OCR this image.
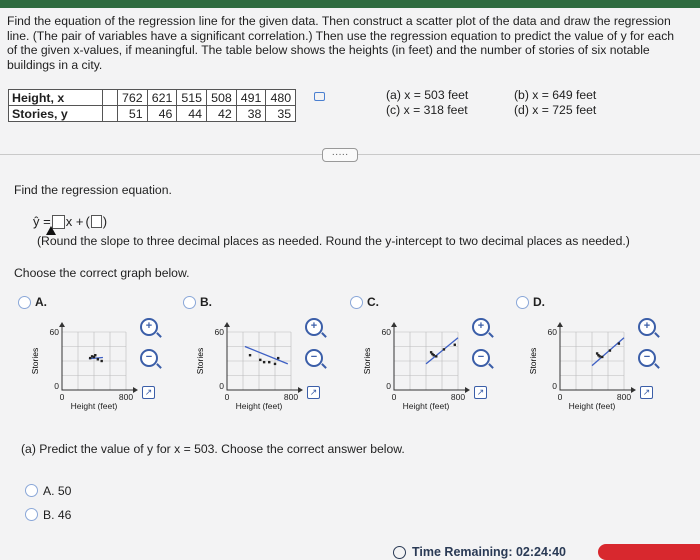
Find the equation of the regression line for the given data. Then construct a scatter plot of the data and draw the regression line. (The pair of variables have a significant correlation.) Then use the regression equation to predict the value of y for each of the given x-values, if meaningful. The table below shows the heights (in feet) and the number of stories of six notable buildings in a city.
Height, x		762	621	515	508	491	480
Stories, y		51	46	44	42	38	35
(a) x = 503 feet	(b) x = 649 feet
(c) x = 318 feet	(d) x = 725 feet
·····
Find the regression equation.
ŷ = x + ( )
(Round the slope to three decimal places as needed. Round the y-intercept to two decimal places as needed.)
Choose the correct graph below.
A.
60
0
0	800
Height (feet)
Stories
+
−
↗
B.
60
0
0	800
Height (feet)
Stories
+
−
↗
C.
60
0
0	800
Height (feet)
Stories
+
−
↗
D.
60
0
0	800
Height (feet)
Stories
+
−
↗
(a) Predict the value of y for x = 503. Choose the correct answer below.
A. 50
B. 46
Time Remaining: 02:24:40
